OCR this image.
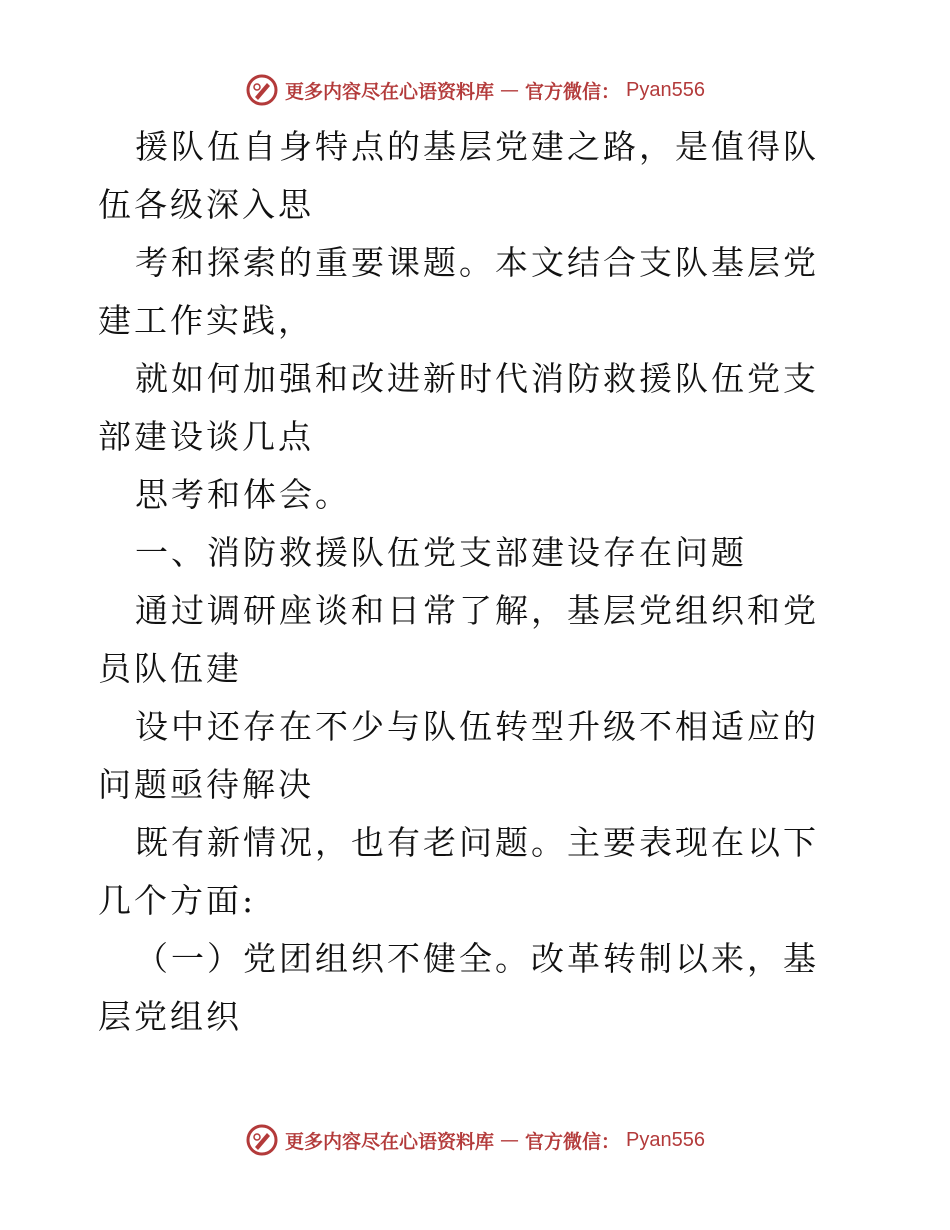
更多内容尽在心语资料库 — 官方微信： Pyan556

援队伍自身特点的基层党建之路，是值得队伍各级深入思

考和探索的重要课题。本文结合支队基层党建工作实践，

就如何加强和改进新时代消防救援队伍党支部建设谈几点

思考和体会。

一、消防救援队伍党支部建设存在问题

通过调研座谈和日常了解，基层党组织和党员队伍建

设中还存在不少与队伍转型升级不相适应的问题亟待解决

既有新情况，也有老问题。主要表现在以下几个方面:

（一）党团组织不健全。改革转制以来，基层党组织

更多内容尽在心语资料库 — 官方微信： Pyan556
